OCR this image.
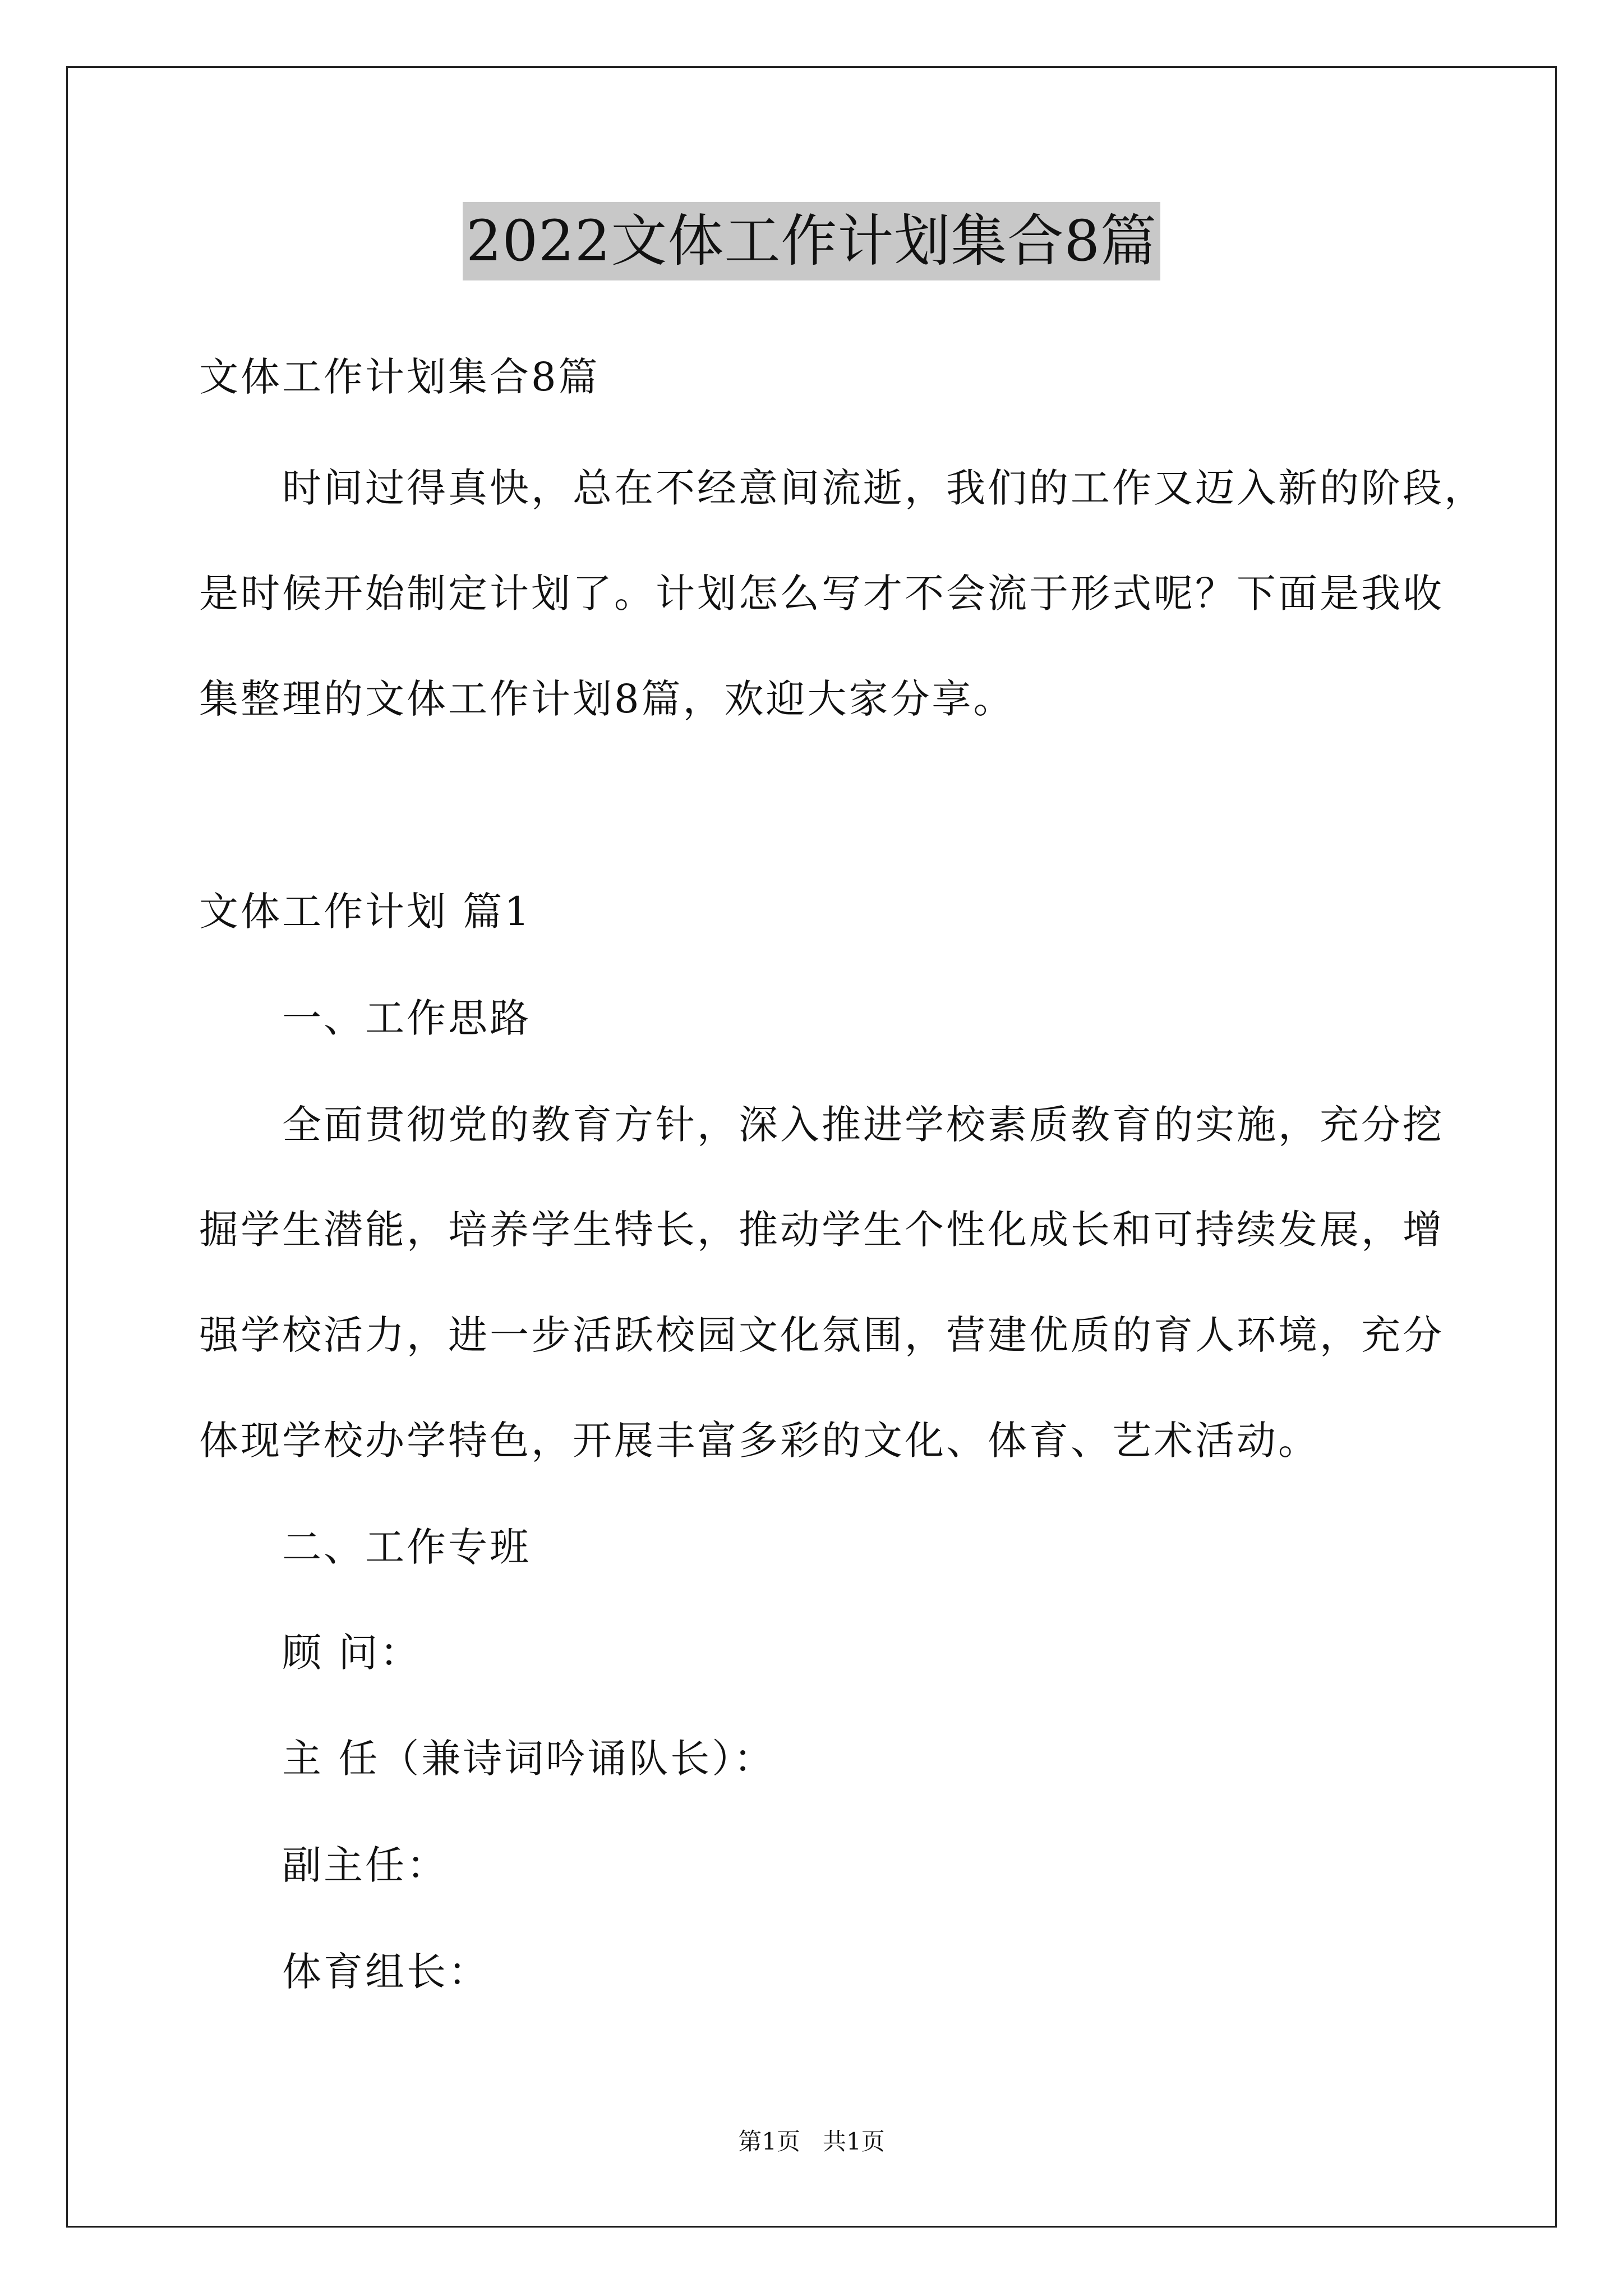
2022文体工作计划集合8篇
文体工作计划集合8篇
时间过得真快，总在不经意间流逝，我们的工作又迈入新的阶段，
是时候开始制定计划了。计划怎么写才不会流于形式呢？下面是我收
集整理的文体工作计划8篇，欢迎大家分享。
文体工作计划 篇1
一、工作思路
全面贯彻党的教育方针，深入推进学校素质教育的实施，充分挖
掘学生潜能，培养学生特长，推动学生个性化成长和可持续发展，增
强学校活力，进一步活跃校园文化氛围，营建优质的育人环境，充分
体现学校办学特色，开展丰富多彩的文化、体育、艺术活动。
二、工作专班
顾 问：
主 任（兼诗词吟诵队长）：
副主任：
体育组长：
第1页   共1页
